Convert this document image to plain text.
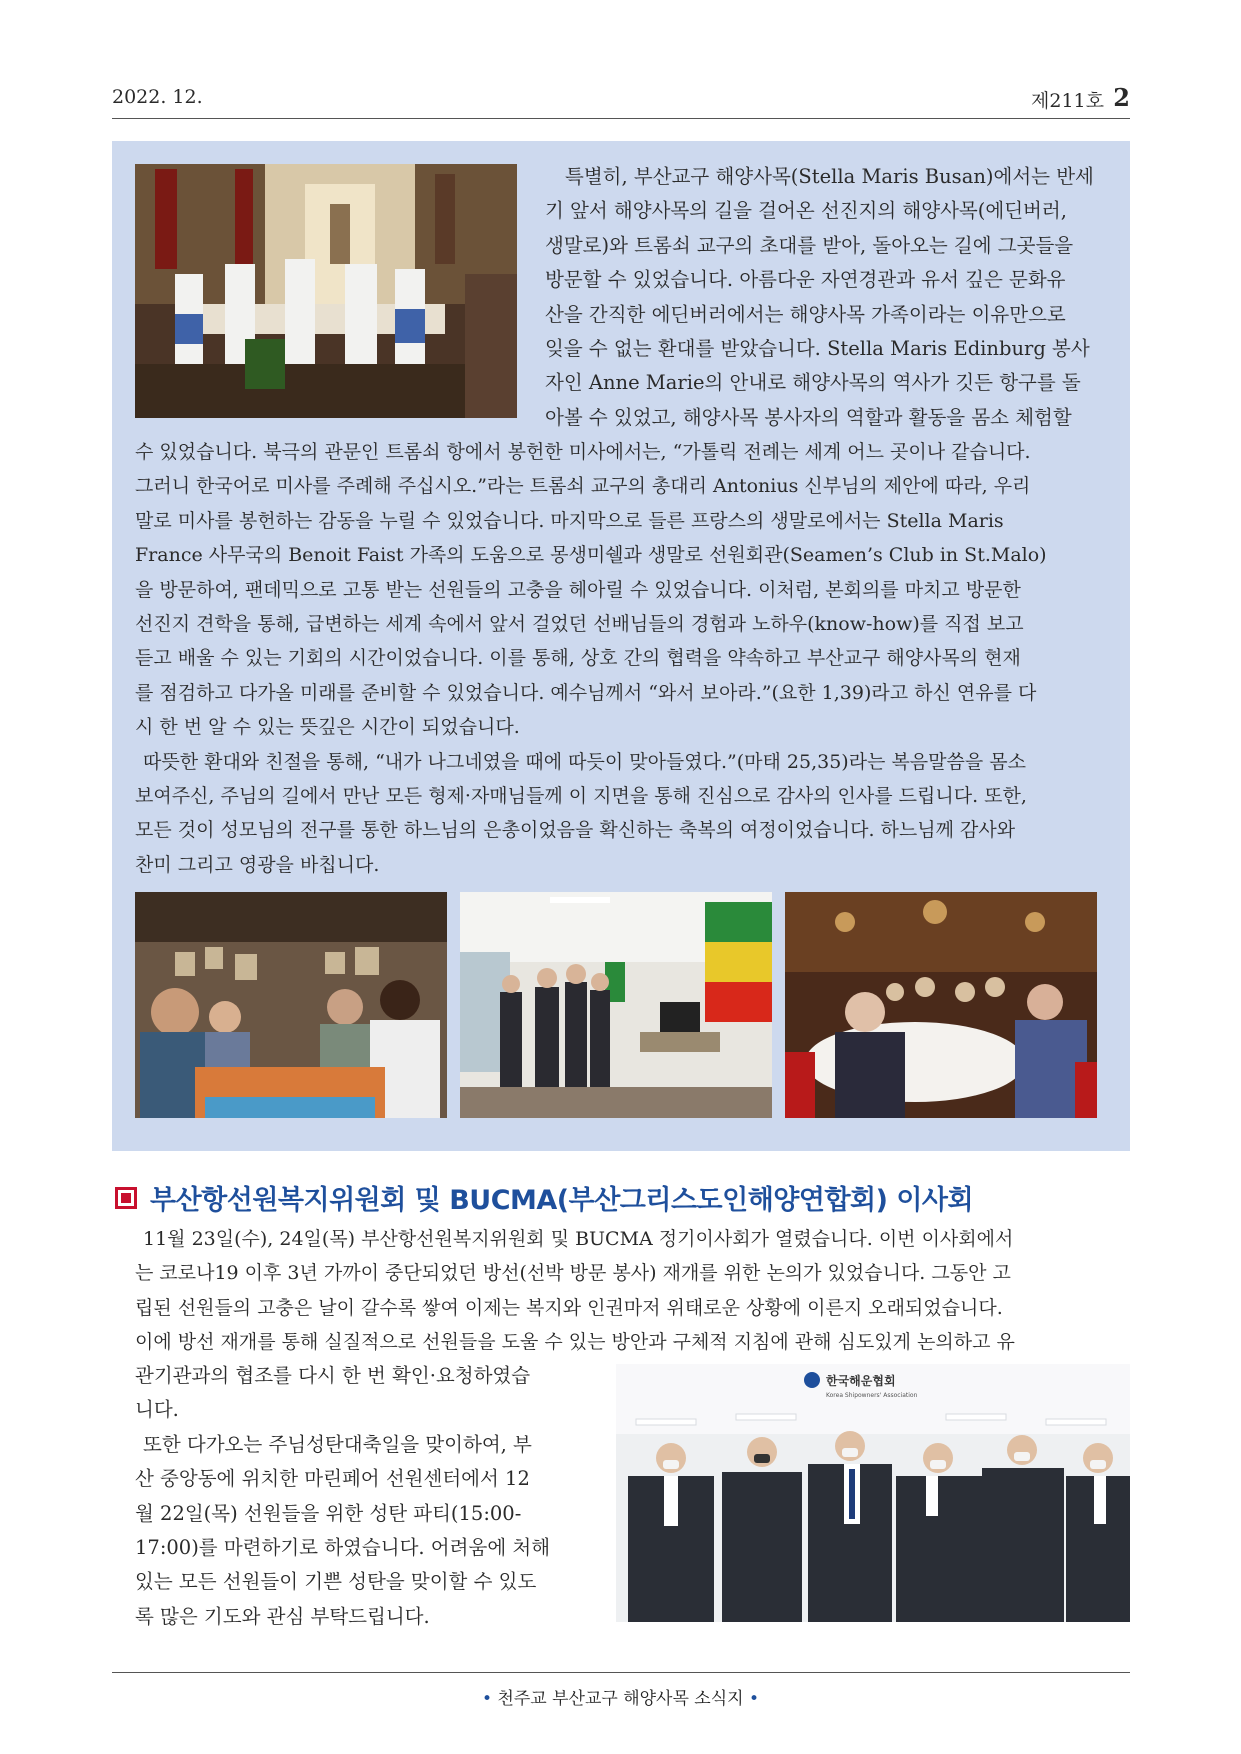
2022. 12.	제211호 2
특별히, 부산교구 해양사목(Stella Maris Busan)에서는 반세
기 앞서 해양사목의 길을 걸어온 선진지의 해양사목(에딘버러,
생말로)와 트롬쇠 교구의 초대를 받아, 돌아오는 길에 그곳들을
방문할 수 있었습니다. 아름다운 자연경관과 유서 깊은 문화유
산을 간직한 에딘버러에서는 해양사목 가족이라는 이유만으로
잊을 수 없는 환대를 받았습니다. Stella Maris Edinburg 봉사
자인 Anne Marie의 안내로 해양사목의 역사가 깃든 항구를 돌
아볼 수 있었고, 해양사목 봉사자의 역할과 활동을 몸소 체험할
수 있었습니다. 북극의 관문인 트롬쇠 항에서 봉헌한 미사에서는, “가톨릭 전례는 세계 어느 곳이나 같습니다.
그러니 한국어로 미사를 주례해 주십시오.”라는 트롬쇠 교구의 총대리 Antonius 신부님의 제안에 따라, 우리
말로 미사를 봉헌하는 감동을 누릴 수 있었습니다. 마지막으로 들른 프랑스의 생말로에서는 Stella Maris
France 사무국의 Benoit Faist 가족의 도움으로 몽생미쉘과 생말로 선원회관(Seamen’s Club in St.Malo)
을 방문하여, 팬데믹으로 고통 받는 선원들의 고충을 헤아릴 수 있었습니다. 이처럼, 본회의를 마치고 방문한
선진지 견학을 통해, 급변하는 세계 속에서 앞서 걸었던 선배님들의 경험과 노하우(know-how)를 직접 보고
듣고 배울 수 있는 기회의 시간이었습니다. 이를 통해, 상호 간의 협력을 약속하고 부산교구 해양사목의 현재
를 점검하고 다가올 미래를 준비할 수 있었습니다. 예수님께서 “와서 보아라.”(요한 1,39)라고 하신 연유를 다
시 한 번 알 수 있는 뜻깊은 시간이 되었습니다.
따뜻한 환대와 친절을 통해, “내가 나그네였을 때에 따듯이 맞아들였다.”(마태 25,35)라는 복음말씀을 몸소
보여주신, 주님의 길에서 만난 모든 형제·자매님들께 이 지면을 통해 진심으로 감사의 인사를 드립니다. 또한,
모든 것이 성모님의 전구를 통한 하느님의 은총이었음을 확신하는 축복의 여정이었습니다. 하느님께 감사와
찬미 그리고 영광을 바칩니다.
부산항선원복지위원회 및 BUCMA(부산그리스도인해양연합회) 이사회
11월 23일(수), 24일(목) 부산항선원복지위원회 및 BUCMA 정기이사회가 열렸습니다. 이번 이사회에서
는 코로나19 이후 3년 가까이 중단되었던 방선(선박 방문 봉사) 재개를 위한 논의가 있었습니다. 그동안 고
립된 선원들의 고충은 날이 갈수록 쌓여 이제는 복지와 인권마저 위태로운 상황에 이른지 오래되었습니다.
이에 방선 재개를 통해 실질적으로 선원들을 도울 수 있는 방안과 구체적 지침에 관해 심도있게 논의하고 유
관기관과의 협조를 다시 한 번 확인·요청하였습
니다.
또한 다가오는 주님성탄대축일을 맞이하여, 부
산 중앙동에 위치한 마린페어 선원센터에서 12
월 22일(목) 선원들을 위한 성탄 파티(15:00-
17:00)를 마련하기로 하였습니다. 어려움에 처해
있는 모든 선원들이 기쁜 성탄을 맞이할 수 있도
록 많은 기도와 관심 부탁드립니다.
한국해운협회
Korea Shipowners' Association
• 천주교 부산교구 해양사목 소식지 •
